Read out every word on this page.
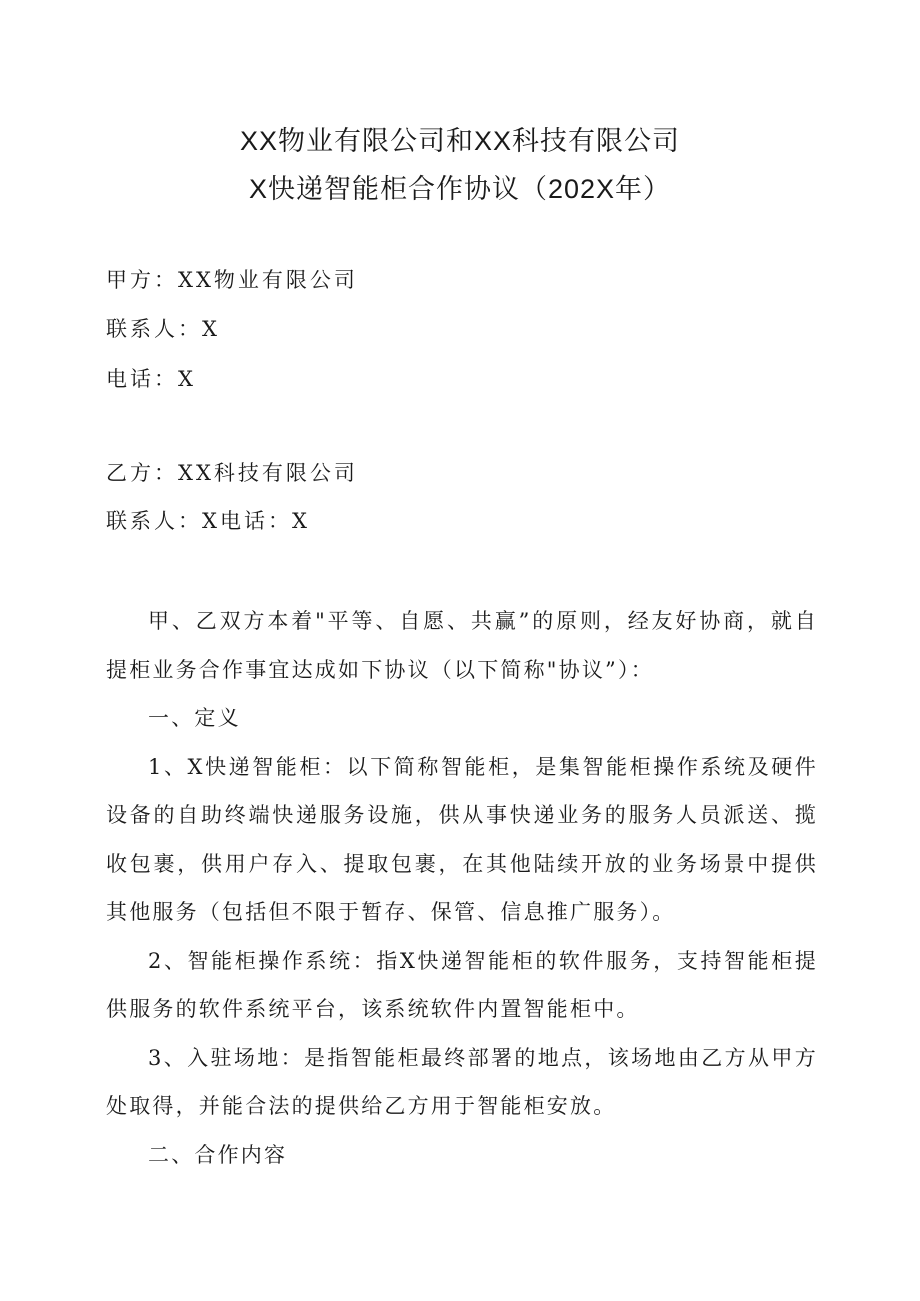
XX物业有限公司和XX科技有限公司
X快递智能柜合作协议（202X年）
甲方：XX物业有限公司
联系人：X
电话：X
乙方：XX科技有限公司
联系人：X电话：X

甲、乙双方本着"平等、自愿、共赢”的原则，经友好协商，就自提柜业务合作事宜达成如下协议（以下简称"协议”）：

一、定义

1、X快递智能柜：以下简称智能柜，是集智能柜操作系统及硬件设备的自助终端快递服务设施，供从事快递业务的服务人员派送、揽收包裹，供用户存入、提取包裹，在其他陆续开放的业务场景中提供其他服务（包括但不限于暂存、保管、信息推广服务）。

2、智能柜操作系统：指X快递智能柜的软件服务，支持智能柜提供服务的软件系统平台，该系统软件内置智能柜中。

3、入驻场地：是指智能柜最终部署的地点，该场地由乙方从甲方处取得，并能合法的提供给乙方用于智能柜安放。

二、合作内容
